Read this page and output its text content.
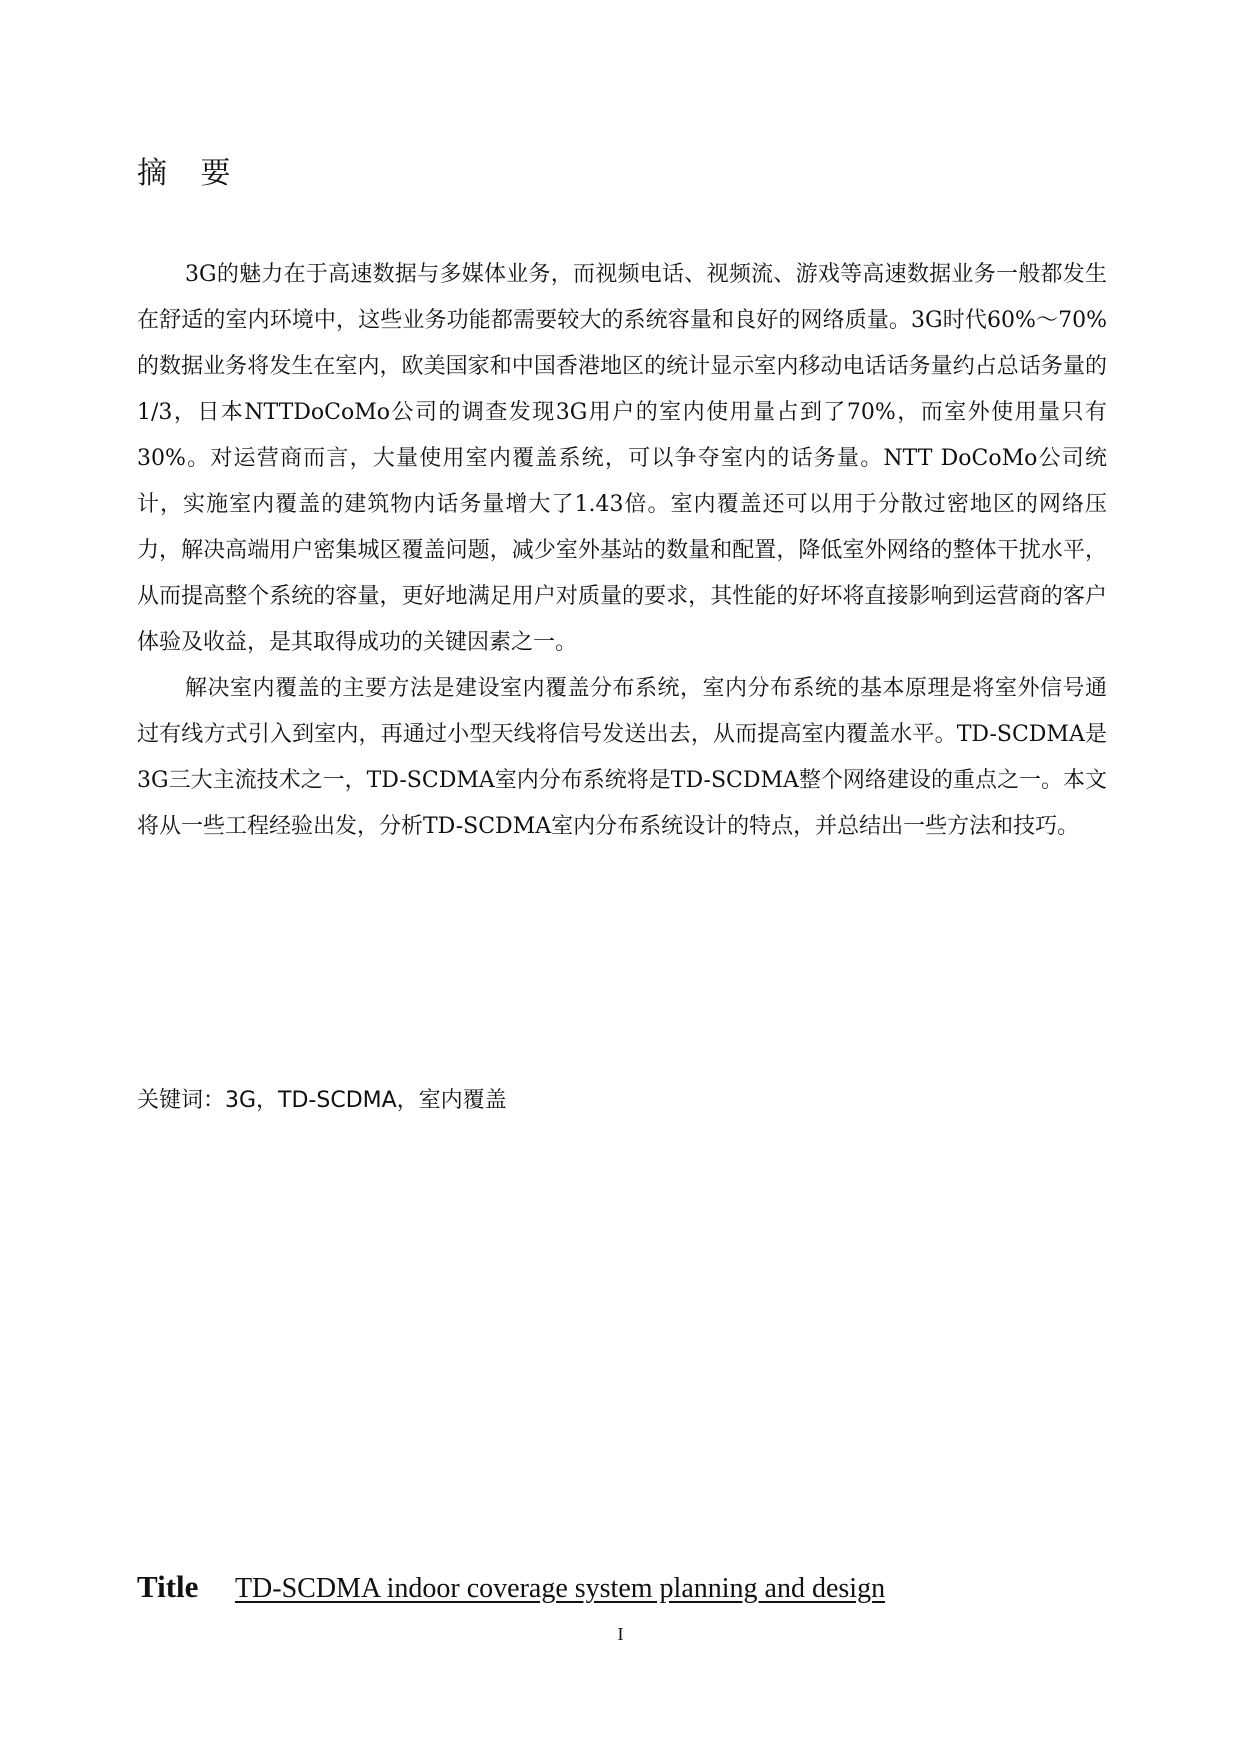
摘 要

3G的魅力在于高速数据与多媒体业务，而视频电话、视频流、游戏等高速数据业务一般都发生在舒适的室内环境中，这些业务功能都需要较大的系统容量和良好的网络质量。3G时代60%～70%的数据业务将发生在室内，欧美国家和中国香港地区的统计显示室内移动电话话务量约占总话务量的1/3，日本NTTDoCoMo公司的调查发现3G用户的室内使用量占到了70%，而室外使用量只有30%。对运营商而言，大量使用室内覆盖系统，可以争夺室内的话务量。NTT DoCoMo公司统计，实施室内覆盖的建筑物内话务量增大了1.43倍。室内覆盖还可以用于分散过密地区的网络压力，解决高端用户密集城区覆盖问题，减少室外基站的数量和配置，降低室外网络的整体干扰水平，从而提高整个系统的容量，更好地满足用户对质量的要求，其性能的好坏将直接影响到运营商的客户体验及收益，是其取得成功的关键因素之一。

解决室内覆盖的主要方法是建设室内覆盖分布系统，室内分布系统的基本原理是将室外信号通过有线方式引入到室内，再通过小型天线将信号发送出去，从而提高室内覆盖水平。TD-SCDMA是3G三大主流技术之一，TD-SCDMA室内分布系统将是TD-SCDMA整个网络建设的重点之一。本文将从一些工程经验出发，分析TD-SCDMA室内分布系统设计的特点，并总结出一些方法和技巧。

关键词：3G，TD-SCDMA，室内覆盖
Title TD-SCDMA indoor coverage system planning and design
I
